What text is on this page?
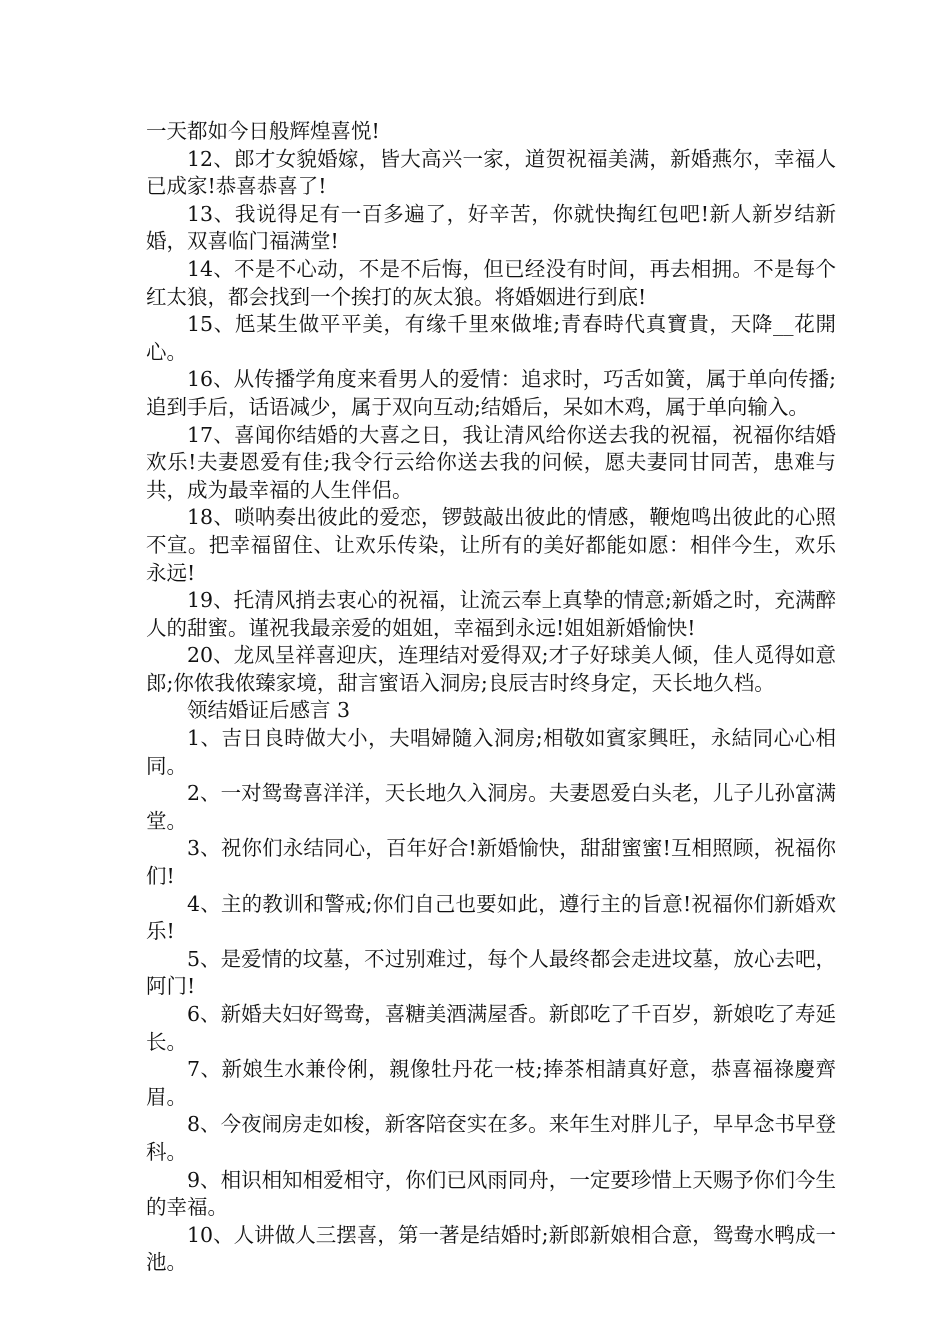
一天都如今日般辉煌喜悦!

12、郎才女貌婚嫁，皆大高兴一家，道贺祝福美满，新婚燕尔，幸福人已成家!恭喜恭喜了!

13、我说得足有一百多遍了，好辛苦，你就快掏红包吧!新人新岁结新婚，双喜临门福满堂!

14、不是不心动，不是不后悔，但已经没有时间，再去相拥。不是每个红太狼，都会找到一个挨打的灰太狼。将婚姻进行到底!

15、尪某生做平平美，有缘千里來做堆;青春時代真寶貴，天降__花開心。

16、从传播学角度来看男人的爱情：追求时，巧舌如簧，属于单向传播;追到手后，话语减少，属于双向互动;结婚后，呆如木鸡，属于单向输入。

17、喜闻你结婚的大喜之日，我让清风给你送去我的祝福，祝福你结婚欢乐!夫妻恩爱有佳;我令行云给你送去我的问候，愿夫妻同甘同苦，患难与共，成为最幸福的人生伴侣。

18、唢呐奏出彼此的爱恋，锣鼓敲出彼此的情感，鞭炮鸣出彼此的心照不宣。把幸福留住、让欢乐传染，让所有的美好都能如愿：相伴今生，欢乐永远!

19、托清风捎去衷心的祝福，让流云奉上真挚的情意;新婚之时，充满醉人的甜蜜。谨祝我最亲爱的姐姐，幸福到永远!姐姐新婚愉快!

20、龙凤呈祥喜迎庆，连理结对爱得双;才子好球美人倾，佳人觅得如意郎;你侬我侬臻家境，甜言蜜语入洞房;良辰吉时终身定，天长地久档。

领结婚证后感言 3

1、吉日良時做大小，夫唱婦隨入洞房;相敬如賓家興旺，永結同心心相同。

2、一对鸳鸯喜洋洋，天长地久入洞房。夫妻恩爱白头老，儿子儿孙富满堂。

3、祝你们永结同心，百年好合!新婚愉快，甜甜蜜蜜!互相照顾，祝福你们!

4、主的教训和警戒;你们自己也要如此，遵行主的旨意!祝福你们新婚欢乐!

5、是爱情的坟墓，不过别难过，每个人最终都会走进坟墓，放心去吧，阿门!

6、新婚夫妇好鸳鸯，喜糖美酒满屋香。新郎吃了千百岁，新娘吃了寿延长。

7、新娘生水兼伶俐，親像牡丹花一枝;捧茶相請真好意，恭喜福祿慶齊眉。

8、今夜闹房走如梭，新客陪奁实在多。来年生对胖儿子，早早念书早登科。

9、相识相知相爱相守，你们已风雨同舟，一定要珍惜上天赐予你们今生的幸福。

10、人讲做人三摆喜，第一著是结婚时;新郎新娘相合意，鸳鸯水鸭成一池。
